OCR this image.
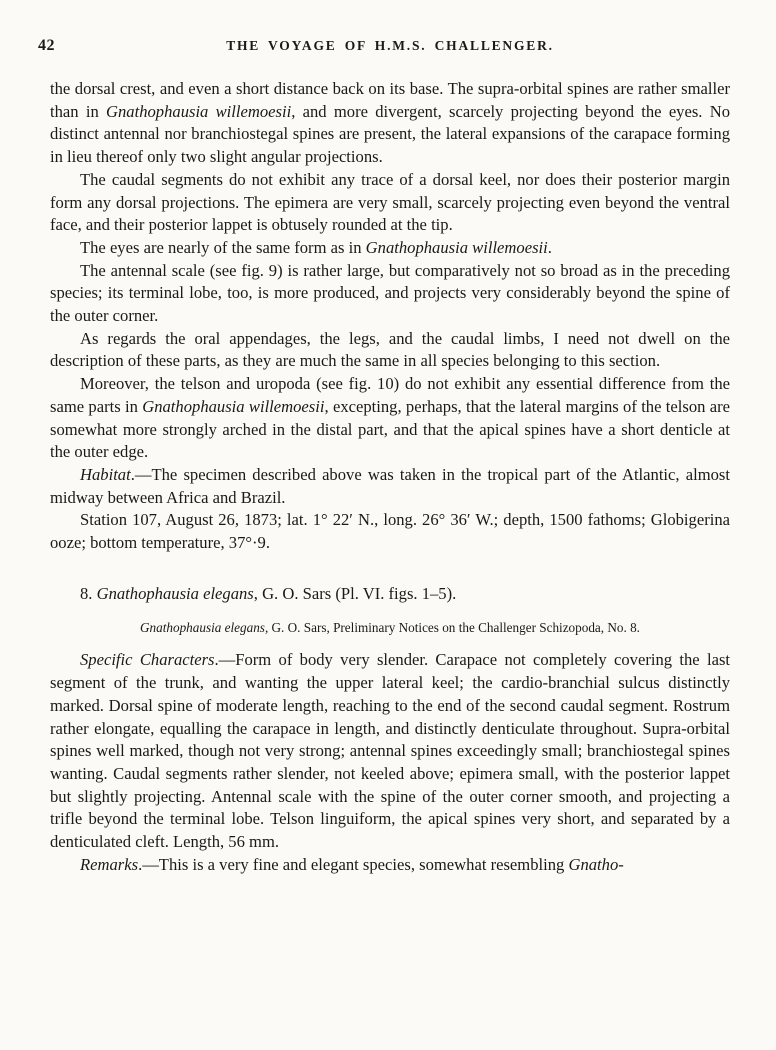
42	THE VOYAGE OF H.M.S. CHALLENGER.

the dorsal crest, and even a short distance back on its base. The supra-orbital spines are rather smaller than in Gnathophausia willemoesii, and more divergent, scarcely projecting beyond the eyes. No distinct antennal nor branchiostegal spines are present, the lateral expansions of the carapace forming in lieu thereof only two slight angular projections.

The caudal segments do not exhibit any trace of a dorsal keel, nor does their posterior margin form any dorsal projections. The epimera are very small, scarcely projecting even beyond the ventral face, and their posterior lappet is obtusely rounded at the tip.

The eyes are nearly of the same form as in Gnathophausia willemoesii.

The antennal scale (see fig. 9) is rather large, but comparatively not so broad as in the preceding species; its terminal lobe, too, is more produced, and projects very considerably beyond the spine of the outer corner.

As regards the oral appendages, the legs, and the caudal limbs, I need not dwell on the description of these parts, as they are much the same in all species belonging to this section.

Moreover, the telson and uropoda (see fig. 10) do not exhibit any essential difference from the same parts in Gnathophausia willemoesii, excepting, perhaps, that the lateral margins of the telson are somewhat more strongly arched in the distal part, and that the apical spines have a short denticle at the outer edge.

Habitat.—The specimen described above was taken in the tropical part of the Atlantic, almost midway between Africa and Brazil.

Station 107, August 26, 1873; lat. 1° 22′ N., long. 26° 36′ W.; depth, 1500 fathoms; Globigerina ooze; bottom temperature, 37°·9.

8. Gnathophausia elegans, G. O. Sars (Pl. VI. figs. 1–5).
Gnathophausia elegans, G. O. Sars, Preliminary Notices on the Challenger Schizopoda, No. 8.

Specific Characters.—Form of body very slender. Carapace not completely covering the last segment of the trunk, and wanting the upper lateral keel; the cardio-branchial sulcus distinctly marked. Dorsal spine of moderate length, reaching to the end of the second caudal segment. Rostrum rather elongate, equalling the carapace in length, and distinctly denticulate throughout. Supra-orbital spines well marked, though not very strong; antennal spines exceedingly small; branchiostegal spines wanting. Caudal segments rather slender, not keeled above; epimera small, with the posterior lappet but slightly projecting. Antennal scale with the spine of the outer corner smooth, and projecting a trifle beyond the terminal lobe. Telson linguiform, the apical spines very short, and separated by a denticulated cleft. Length, 56 mm.

Remarks.—This is a very fine and elegant species, somewhat resembling Gnatho-
